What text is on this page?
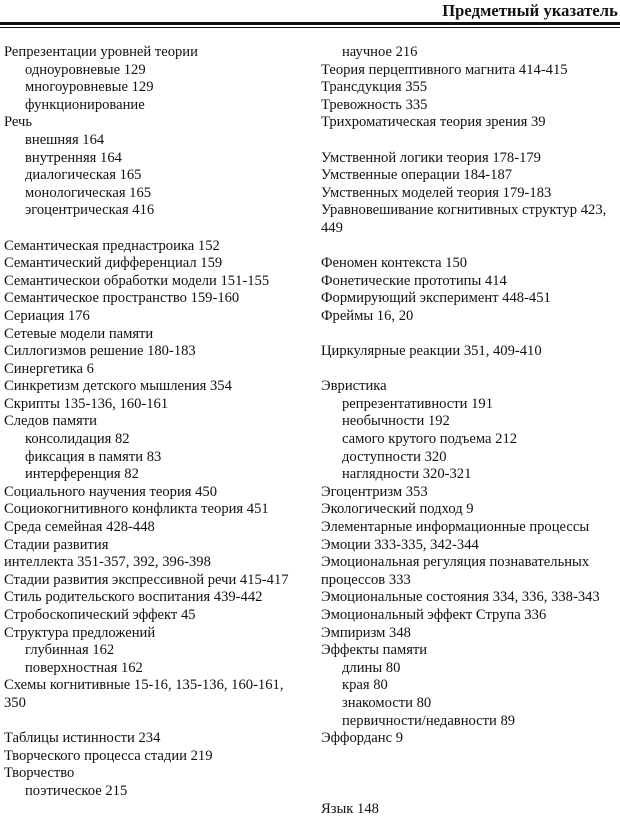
Предметный указатель
Репрезентации уровней теории
одноуровневые 129
многоуровневые 129
функционирование
Речь
внешняя 164
внутренняя 164
диалогическая 165
монологическая 165
эгоцентрическая 416
Семантическая преднастроика 152
Семантический дифференциал 159
Семантическои обработки модели 151-155
Семантическое пространство 159-160
Сериация 176
Сетевые модели памяти
Силлогизмов решение 180-183
Синергетика 6
Синкретизм детского мышления 354
Скрипты 135-136, 160-161
Следов памяти
консолидация 82
фиксация в памяти 83
интерференция 82
Социального научения теория 450
Социокогнитивного конфликта теория 451
Среда семейная 428-448
Стадии развития
интеллекта 351-357, 392, 396-398
Стадии развития экспрессивной речи 415-417
Стиль родительского воспитания 439-442
Стробоскопический эффект 45
Структура предложений
глубинная 162
поверхностная 162
Схемы когнитивные 15-16, 135-136, 160-161,
350
Таблицы истинности 234
Творческого процесса стадии 219
Творчество
поэтическое 215
научное 216
Теория перцептивного магнита 414-415
Трансдукция 355
Тревожность 335
Трихроматическая теория зрения 39
Умственной логики теория 178-179
Умственные операции 184-187
Умственных моделей теория 179-183
Уравновешивание когнитивных структур 423,
449
Феномен контекста 150
Фонетические прототипы 414
Формирующий эксперимент 448-451
Фреймы 16, 20
Циркулярные реакции 351, 409-410
Эвристика
репрезентативности 191
необычности 192
самого крутого подъема 212
доступности 320
наглядности 320-321
Эгоцентризм 353
Экологический подход 9
Элементарные информационные процессы
Эмоции 333-335, 342-344
Эмоциональная регуляция познавательных
процессов 333
Эмоциональные состояния 334, 336, 338-343
Эмоциональный эффект Струпа 336
Эмпиризм 348
Эффекты памяти
длины 80
края 80
знакомости 80
первичности/недавности 89
Эффорданс 9
Язык 148
